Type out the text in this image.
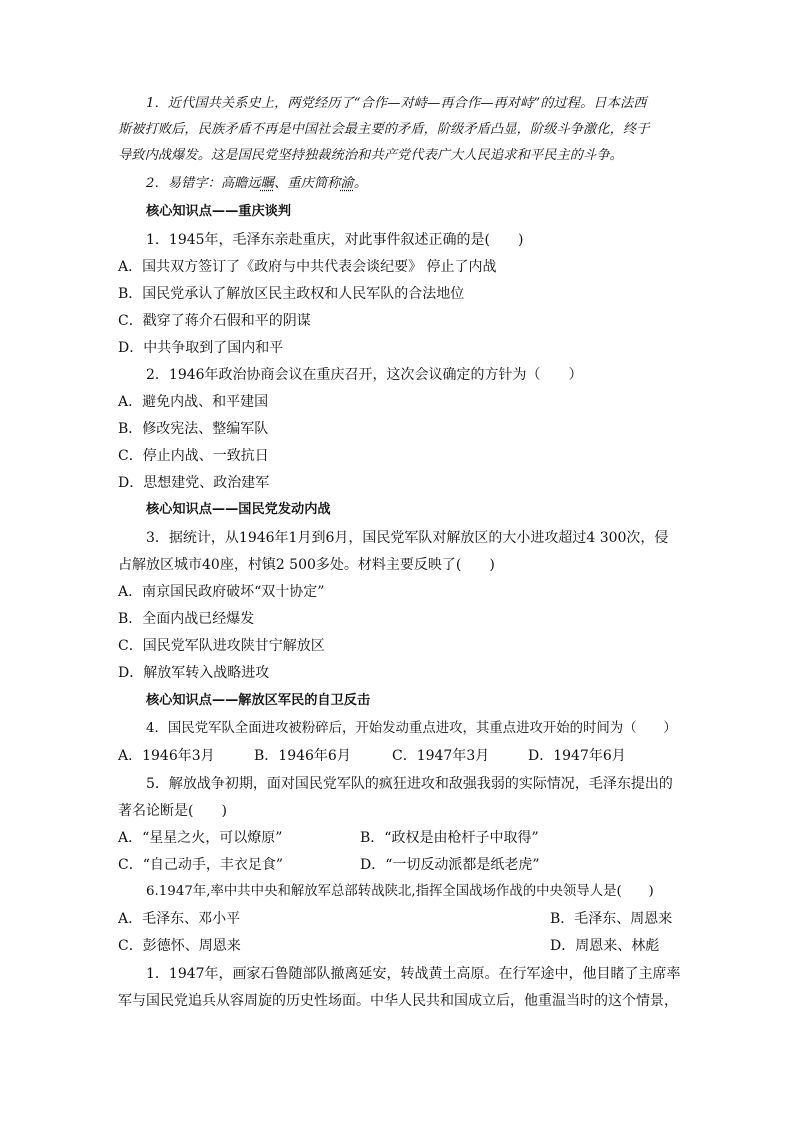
1．近代国共关系史上，两党经历了“合作—对峙—再合作—再对峙”的过程。日本法西
斯被打败后，民族矛盾不再是中国社会最主要的矛盾，阶级矛盾凸显，阶级斗争激化，终于
导致内战爆发。这是国民党坚持独裁统治和共产党代表广大人民追求和平民主的斗争。
2．易错字：高瞻远瞩、重庆简称渝。
核心知识点——重庆谈判
1．1945年，毛泽东亲赴重庆，对此事件叙述正确的是(　　)
A．国共双方签订了《政府与中共代表会谈纪要》 停止了内战
B．国民党承认了解放区民主政权和人民军队的合法地位
C．戳穿了蒋介石假和平的阴谋
D．中共争取到了国内和平
2．1946年政治协商会议在重庆召开，这次会议确定的方针为（　　）
A．避免内战、和平建国
B．修改宪法、整编军队
C．停止内战、一致抗日
D．思想建党、政治建军
核心知识点——国民党发动内战
3．据统计，从1946年1月到6月，国民党军队对解放区的大小进攻超过4 300次，侵
占解放区城市40座，村镇2 500多处。材料主要反映了(　　)
A．南京国民政府破坏“双十协定”
B．全面内战已经爆发
C．国民党军队进攻陕甘宁解放区
D．解放军转入战略进攻
核心知识点——解放区军民的自卫反击
4．国民党军队全面进攻被粉碎后，开始发动重点进攻，其重点进攻开始的时间为（　　）
A．1946年3月	B．1946年6月	C．1947年3月	D．1947年6月
5．解放战争初期，面对国民党军队的疯狂进攻和敌强我弱的实际情况，毛泽东提出的
著名论断是(　　)
A．“星星之火，可以燎原”	B．“政权是由枪杆子中取得”
C．“自己动手，丰衣足食”	D．“一切反动派都是纸老虎”
6.1947年,率中共中央和解放军总部转战陕北,指挥全国战场作战的中央领导人是(　　)
A．毛泽东、邓小平	B．毛泽东、周恩来
C．彭德怀、周恩来	D．周恩来、林彪
1．1947年，画家石鲁随部队撤离延安，转战黄土高原。在行军途中，他目睹了主席率
军与国民党追兵从容周旋的历史性场面。中华人民共和国成立后，他重温当时的这个情景，
